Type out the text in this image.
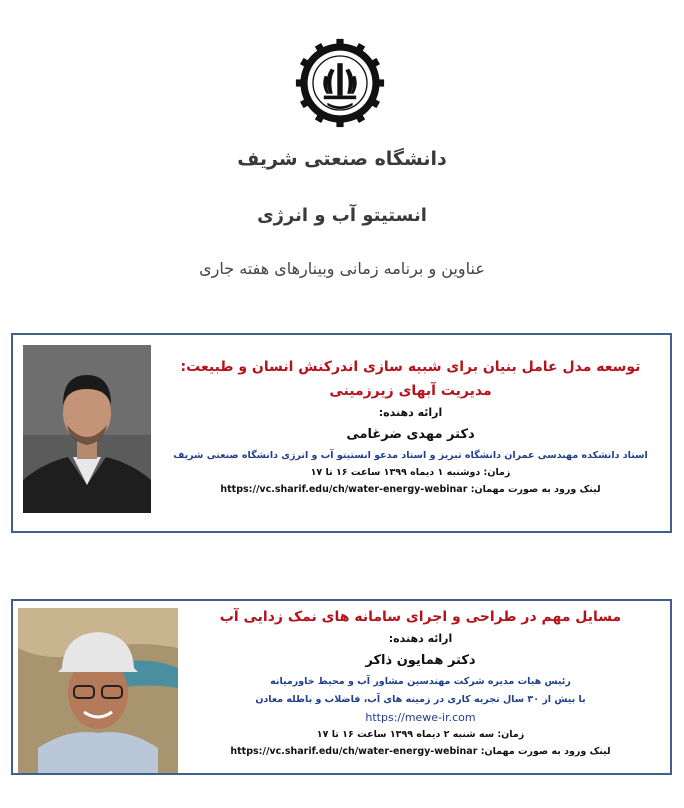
دانشگاه صنعتی شریف
انستیتو آب و انرژی
عناوین و برنامه زمانی وبینارهای هفته جاری
توسعه مدل عامل بنیان برای شبیه سازی اندرکنش انسان و طبیعت:
مدیریت آبهای زیرزمینی
ارائه دهنده:
دکتر مهدی ضرغامی
استاد دانشکده مهندسی عمران دانشگاه تبریز و استاد مدعو انستیتو آب و انرژی دانشگاه صنعتی شریف
زمان: دوشنبه ۱ دیماه ۱۳۹۹ ساعت ۱۶ تا ۱۷
لینک ورود به صورت مهمان: https://vc.sharif.edu/ch/water-energy-webinar
مسایل مهم در طراحی و اجرای سامانه های نمک زدایی آب
ارائه دهنده:
دکتر همایون ذاکر
رئیس هیات مدیره شرکت مهندسین مشاور آب و محیط خاورمیانه
با بیش از ۳۰ سال تجربه کاری در زمینه های آب، فاضلاب و باطله معادن
https://mewe-ir.com
زمان: سه شنبه ۲ دیماه ۱۳۹۹ ساعت ۱۶ تا ۱۷
لینک ورود به صورت مهمان: https://vc.sharif.edu/ch/water-energy-webinar
